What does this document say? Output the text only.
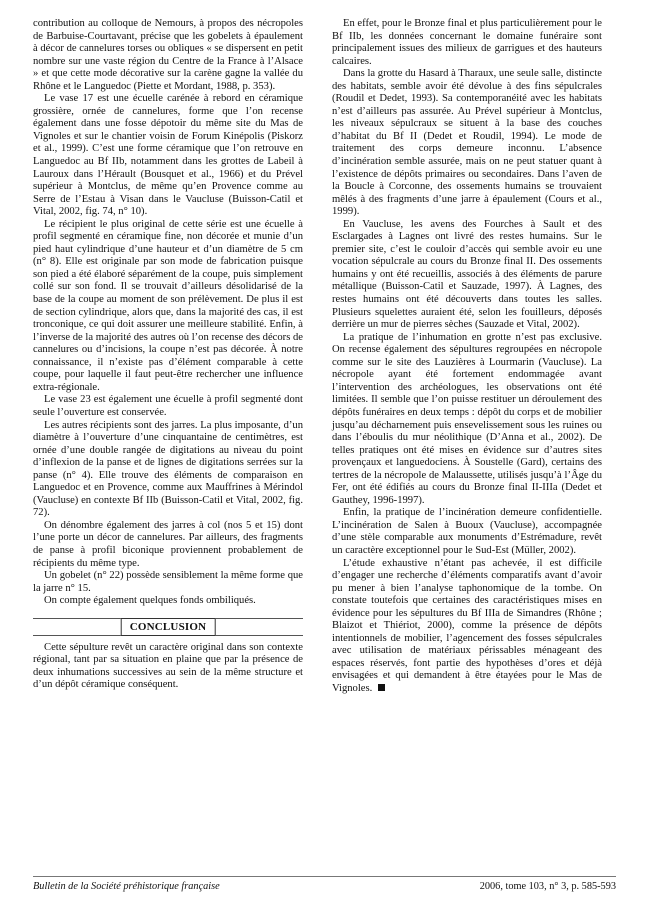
contribution au colloque de Nemours, à propos des nécropoles de Barbuise-Courtavant, précise que les gobelets à épaulement à décor de cannelures torses ou obliques « se dispersent en petit nombre sur une vaste région du Centre de la France à l’Alsace » et que cette mode décorative sur la carène gagne la vallée du Rhône et le Languedoc (Piette et Mordant, 1988, p. 353).

Le vase 17 est une écuelle carénée à rebord en céramique grossière, ornée de cannelures, forme que l’on recense également dans une fosse dépotoir du même site du Mas de Vignoles et sur le chantier voisin de Forum Kinépolis (Piskorz et al., 1999). C’est une forme céramique que l’on retrouve en Languedoc au Bf IIb, notamment dans les grottes de Labeil à Lauroux dans l’Hérault (Bousquet et al., 1966) et du Prével supérieur à Montclus, de même qu’en Provence comme au Serre de l’Estau à Visan dans le Vaucluse (Buisson-Catil et Vital, 2002, fig. 74, n° 10).

Le récipient le plus original de cette série est une écuelle à profil segmenté en céramique fine, non décorée et munie d’un pied haut cylindrique d’une hauteur et d’un diamètre de 5 cm (n° 8). Elle est originale par son mode de fabrication puisque son pied a été élaboré séparément de la coupe, puis simplement collé sur son fond. Il se trouvait d’ailleurs désolidarisé de la base de la coupe au moment de son prélèvement. De plus il est de section cylindrique, alors que, dans la majorité des cas, il est tronconique, ce qui doit assurer une meilleure stabilité. Enfin, à l’inverse de la majorité des autres où l’on recense des décors de cannelures ou d’incisions, la coupe n’est pas décorée. À notre connaissance, il n’existe pas d’élément comparable à cette coupe, pour laquelle il faut peut-être rechercher une influence extra-régionale.

Le vase 23 est également une écuelle à profil segmenté dont seule l’ouverture est conservée.

Les autres récipients sont des jarres. La plus imposante, d’un diamètre à l’ouverture d’une cinquantaine de centimètres, est ornée d’une double rangée de digitations au niveau du point d’inflexion de la panse et de lignes de digitations serrées sur la panse (n° 4). Elle trouve des éléments de comparaison en Languedoc et en Provence, comme aux Mauffrines à Mérindol (Vaucluse) en contexte Bf IIb (Buisson-Catil et Vital, 2002, fig. 72).

On dénombre également des jarres à col (nos 5 et 15) dont l’une porte un décor de cannelures. Par ailleurs, des fragments de panse à profil biconique proviennent probablement de récipients du même type.

Un gobelet (n° 22) possède sensiblement la même forme que la jarre n° 15.

On compte également quelques fonds ombiliqués.

CONCLUSION

Cette sépulture revêt un caractère original dans son contexte régional, tant par sa situation en plaine que par la présence de deux inhumations successives au sein de la même structure et d’un dépôt céramique conséquent.

En effet, pour le Bronze final et plus particulièrement pour le Bf IIb, les données concernant le domaine funéraire sont principalement issues des milieux de garrigues et des hauteurs calcaires.

Dans la grotte du Hasard à Tharaux, une seule salle, distincte des habitats, semble avoir été dévolue à des fins sépulcrales (Roudil et Dedet, 1993). Sa contemporanéité avec les habitats n’est d’ailleurs pas assurée. Au Prével supérieur à Montclus, les niveaux sépulcraux se situent à la base des couches d’habitat du Bf II (Dedet et Roudil, 1994). Le mode de traitement des corps demeure inconnu. L’absence d’incinération semble assurée, mais on ne peut statuer quant à l’existence de dépôts primaires ou secondaires. Dans l’aven de la Boucle à Corconne, des ossements humains se trouvaient mêlés à des fragments d’une jarre à épaulement (Cours et al., 1999).

En Vaucluse, les avens des Fourches à Sault et des Esclargades à Lagnes ont livré des restes humains. Sur le premier site, c’est le couloir d’accès qui semble avoir eu une vocation sépulcrale au cours du Bronze final II. Des ossements humains y ont été recueillis, associés à des éléments de parure métallique (Buisson-Catil et Sauzade, 1997). À Lagnes, des restes humains ont été découverts dans toutes les salles. Plusieurs squelettes auraient été, selon les fouilleurs, déposés derrière un mur de pierres sèches (Sauzade et Vital, 2002).

La pratique de l’inhumation en grotte n’est pas exclusive. On recense également des sépultures regroupées en nécropole comme sur le site des Lauzières à Lourmarin (Vaucluse). La nécropole ayant été fortement endommagée avant l’intervention des archéologues, les observations ont été limitées. Il semble que l’on puisse restituer un déroulement des dépôts funéraires en deux temps : dépôt du corps et de mobilier jusqu’au décharnement puis ensevelissement sous les ruines ou dans l’éboulis du mur néolithique (D’Anna et al., 2002). De telles pratiques ont été mises en évidence sur d’autres sites provençaux et languedociens. À Soustelle (Gard), certains des tertres de la nécropole de Malaussette, utilisés jusqu’à l’Âge du Fer, ont été édifiés au cours du Bronze final II-IIIa (Dedet et Gauthey, 1996-1997).

Enfin, la pratique de l’incinération demeure confidentielle. L’incinération de Salen à Buoux (Vaucluse), accompagnée d’une stèle comparable aux monuments d’Estrémadure, revêt un caractère exceptionnel pour le Sud-Est (Müller, 2002).

L’étude exhaustive n’étant pas achevée, il est difficile d’engager une recherche d’éléments comparatifs avant d’avoir pu mener à bien l’analyse taphonomique de la tombe. On constate toutefois que certaines des caractéristiques mises en évidence pour les sépultures du Bf IIIa de Simandres (Rhône ; Blaizot et Thiériot, 2000), comme la présence de dépôts intentionnels de mobilier, l’agencement des fosses sépulcrales avec utilisation de matériaux périssables ménageant des espaces réservés, font partie des hypothèses d’ores et déjà envisagées et qui demandent à être étayées pour le Mas de Vignoles.

Bulletin de la Société préhistorique française	2006, tome 103, n° 3, p. 585-593
